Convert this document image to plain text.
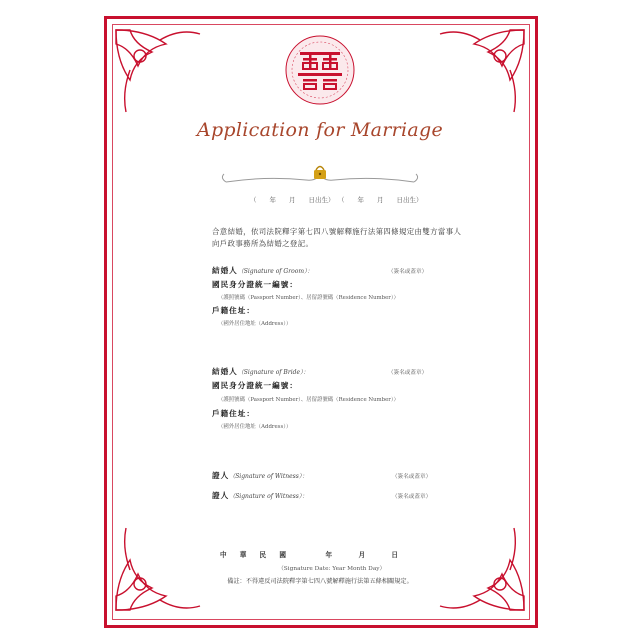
Application for Marriage
（　　年　　月　　日出生） （　　年　　月　　日出生）
合意結婚，依司法院釋字第七四八號解釋施行法第四條規定由雙方當事人
向戶政事務所為結婚之登記。
結婚人（Signature of Groom）：	（簽名或蓋章）
國民身分證統一編號：
（護照號碼（Passport Number）、居留證號碼（Residence Number））
戶籍住址：
（國外居住地址（Address））
結婚人（Signature of Bride）：	（簽名或蓋章）
國民身分證統一編號：
（護照號碼（Passport Number）、居留證號碼（Residence Number））
戶籍住址：
（國外居住地址（Address））
證人（Signature of Witness）：	（簽名或蓋章）
證人（Signature of Witness）：	（簽名或蓋章）
中　　華　　民　　國　　　　　　年　　　　月　　　　日
（Signature Date: Year Month Day）
備註：不得違反司法院釋字第七四八號解釋施行法第五條相關規定。
